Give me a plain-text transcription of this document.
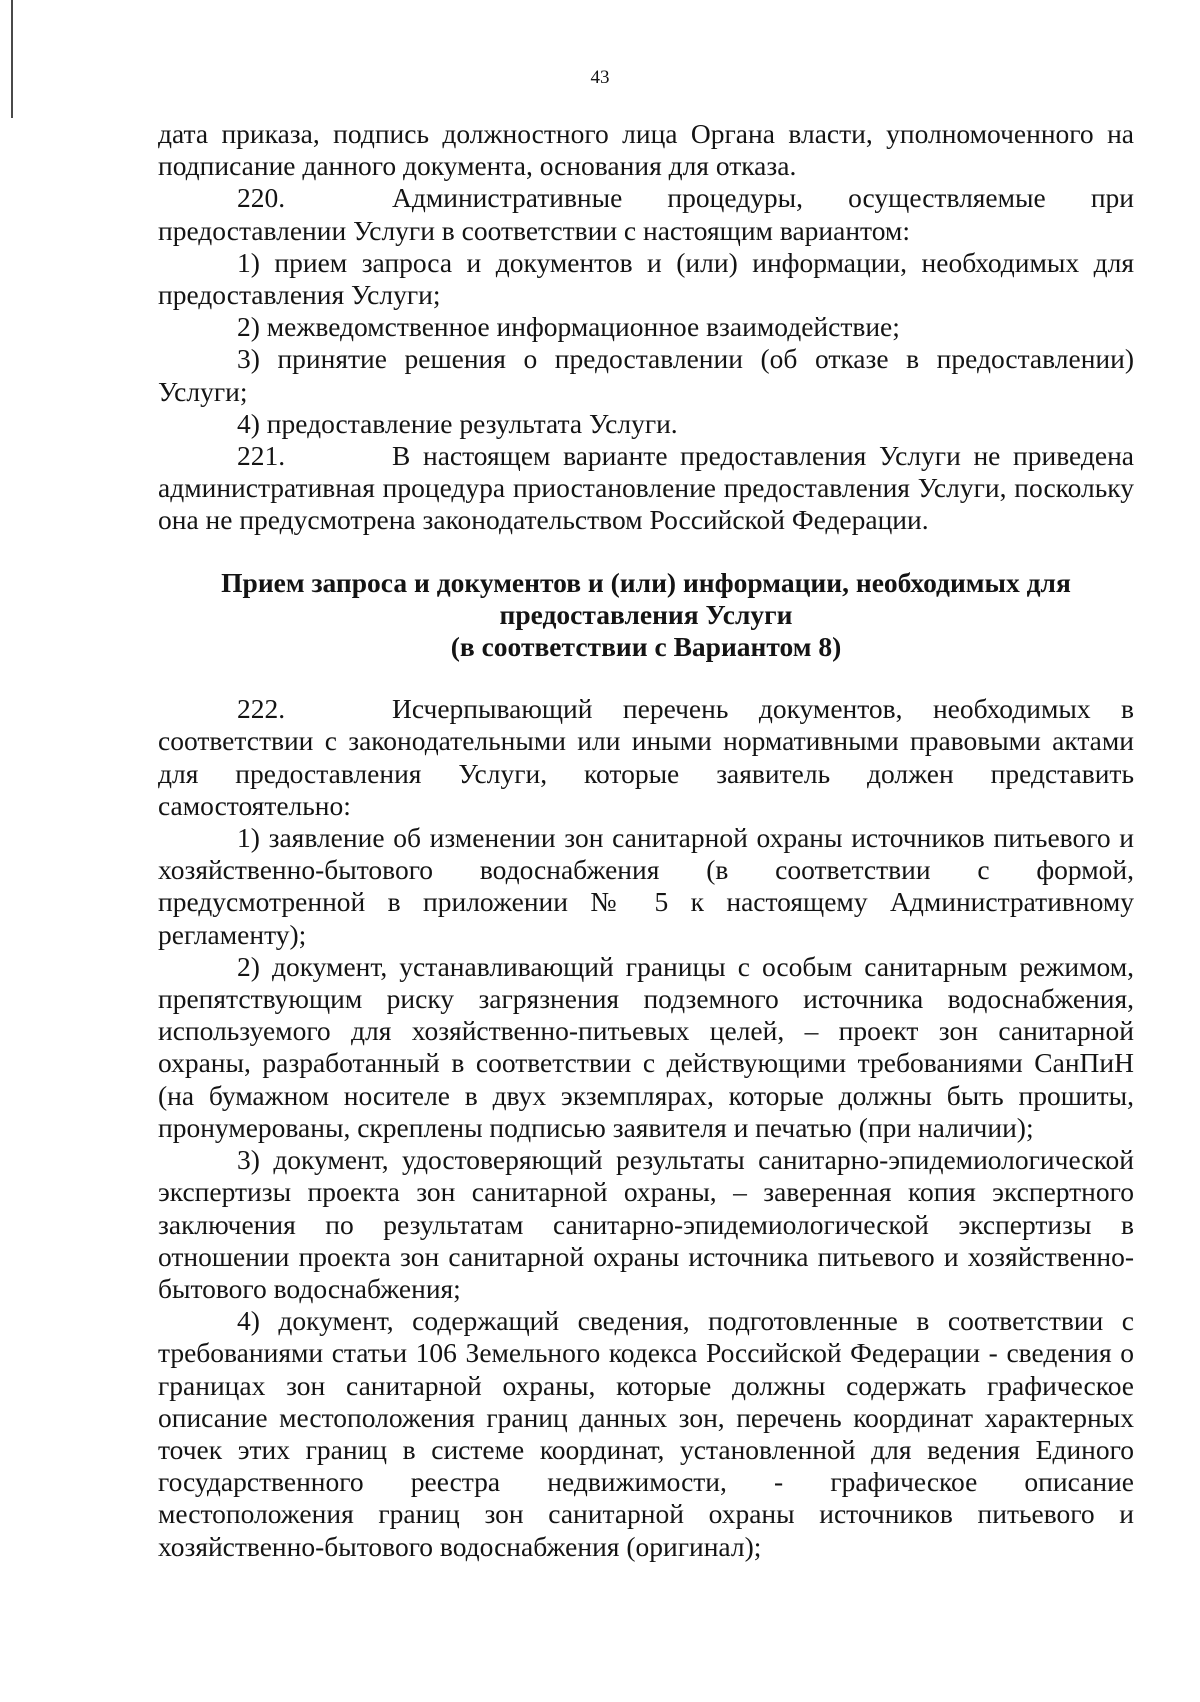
43

дата приказа, подпись должностного лица Органа власти, уполномоченного на подписание данного документа, основания для отказа.

220.	Административные процедуры, осуществляемые при предоставлении Услуги в соответствии с настоящим вариантом:

1) прием запроса и документов и (или) информации, необходимых для предоставления Услуги;

2) межведомственное информационное взаимодействие;

3) принятие решения о предоставлении (об отказе в предоставлении) Услуги;

4) предоставление результата Услуги.

221.	В настоящем варианте предоставления Услуги не приведена административная процедура приостановление предоставления Услуги, поскольку она не предусмотрена законодательством Российской Федерации.

Прием запроса и документов и (или) информации, необходимых для
предоставления Услуги
(в соответствии с Вариантом 8)

222.	Исчерпывающий перечень документов, необходимых в соответствии с законодательными или иными нормативными правовыми актами для предоставления Услуги, которые заявитель должен представить самостоятельно:

1) заявление об изменении зон санитарной охраны источников питьевого и хозяйственно-бытового водоснабжения (в соответствии с формой, предусмотренной в приложении № 5 к настоящему Административному регламенту);

2) документ, устанавливающий границы с особым санитарным режимом, препятствующим риску загрязнения подземного источника водоснабжения, используемого для хозяйственно-питьевых целей, – проект зон санитарной охраны, разработанный в соответствии с действующими требованиями СанПиН (на бумажном носителе в двух экземплярах, которые должны быть прошиты, пронумерованы, скреплены подписью заявителя и печатью (при наличии);

3) документ, удостоверяющий результаты санитарно-эпидемиологической экспертизы проекта зон санитарной охраны, – заверенная копия экспертного заключения по результатам санитарно-эпидемиологической экспертизы в отношении проекта зон санитарной охраны источника питьевого и хозяйственно-бытового водоснабжения;

4) документ, содержащий сведения, подготовленные в соответствии с требованиями статьи 106 Земельного кодекса Российской Федерации - сведения о границах зон санитарной охраны, которые должны содержать графическое описание местоположения границ данных зон, перечень координат характерных точек этих границ в системе координат, установленной для ведения Единого государственного реестра недвижимости, - графическое описание местоположения границ зон санитарной охраны источников питьевого и хозяйственно-бытового водоснабжения (оригинал);
